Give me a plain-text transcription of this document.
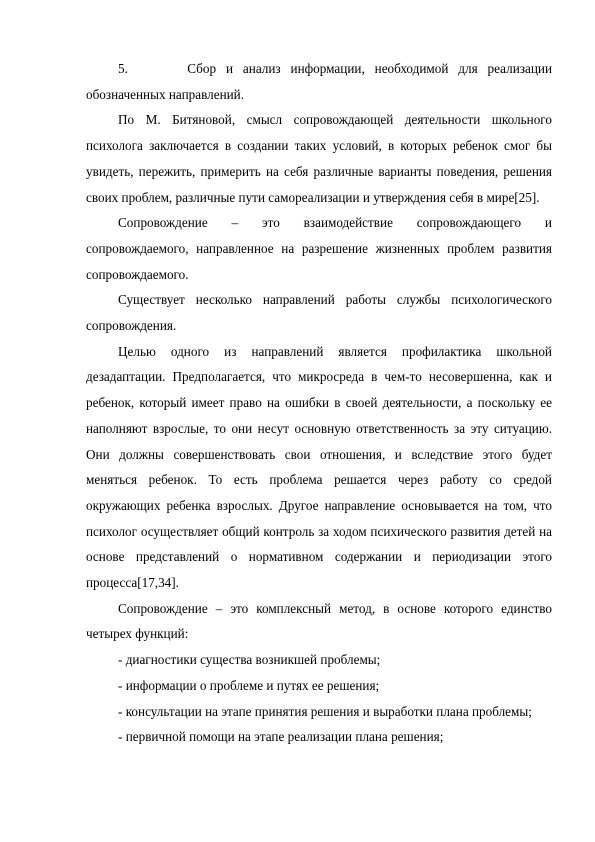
5.      Сбор и анализ информации, необходимой для реализации обозначенных направлений.

По М. Битяновой, смысл сопровождающей деятельности школьного психолога заключается в создании таких условий, в которых ребенок смог бы увидеть, пережить, примерить на себя различные варианты поведения, решения своих проблем, различные пути самореализации и утверждения себя в мире[25].

Сопровождение – это взаимодействие сопровождающего и сопровождаемого, направленное на разрешение жизненных проблем развития сопровождаемого.

Существует несколько направлений работы службы психологического сопровождения.

Целью одного из направлений является профилактика школьной дезадаптации. Предполагается, что микросреда в чем-то несовершенна, как и ребенок, который имеет право на ошибки в своей деятельности, а поскольку ее наполняют взрослые, то они несут основную ответственность за эту ситуацию. Они должны совершенствовать свои отношения, и вследствие этого будет меняться ребенок. То есть проблема решается через работу со средой окружающих ребенка взрослых. Другое направление основывается на том, что психолог осуществляет общий контроль за ходом психического развития детей на основе представлений о нормативном содержании и периодизации этого процесса[17,34].

Сопровождение – это комплексный метод, в основе которого единство четырех функций:

- диагностики существа возникшей проблемы;

- информации о проблеме и путях ее решения;

- консультации на этапе принятия решения и выработки плана проблемы;

- первичной помощи на этапе реализации плана решения;
